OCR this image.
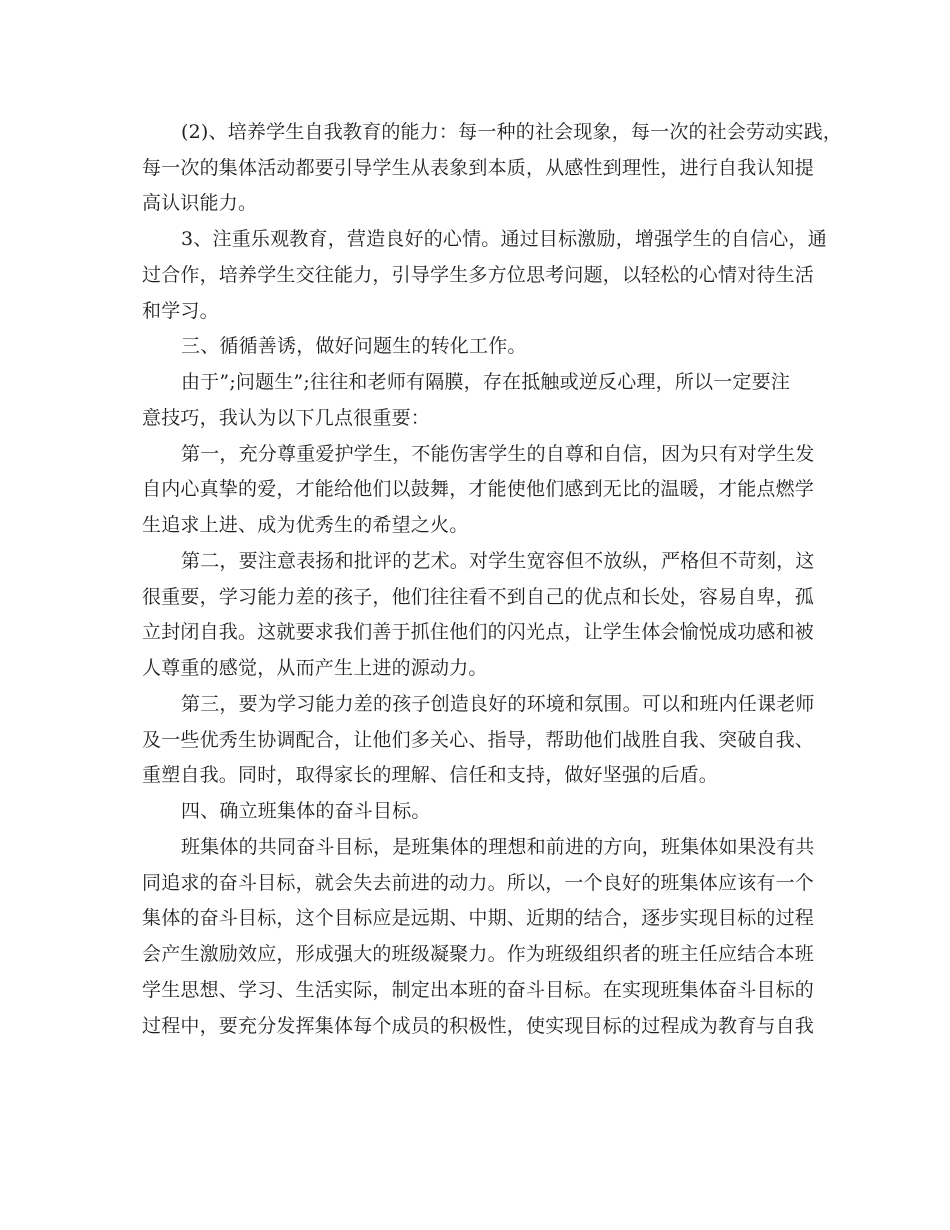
(2)、培养学生自我教育的能力：每一种的社会现象，每一次的社会劳动实践，
每一次的集体活动都要引导学生从表象到本质，从感性到理性，进行自我认知提
高认识能力。
3、注重乐观教育，营造良好的心情。通过目标激励，增强学生的自信心，通
过合作，培养学生交往能力，引导学生多方位思考问题，以轻松的心情对待生活
和学习。
三、循循善诱，做好问题生的转化工作。
由于”;问题生”;往往和老师有隔膜，存在抵触或逆反心理，所以一定要注
意技巧，我认为以下几点很重要：
第一，充分尊重爱护学生，不能伤害学生的自尊和自信，因为只有对学生发
自内心真挚的爱，才能给他们以鼓舞，才能使他们感到无比的温暖，才能点燃学
生追求上进、成为优秀生的希望之火。
第二，要注意表扬和批评的艺术。对学生宽容但不放纵，严格但不苛刻，这
很重要，学习能力差的孩子，他们往往看不到自己的优点和长处，容易自卑，孤
立封闭自我。这就要求我们善于抓住他们的闪光点，让学生体会愉悦成功感和被
人尊重的感觉，从而产生上进的源动力。
第三，要为学习能力差的孩子创造良好的环境和氛围。可以和班内任课老师
及一些优秀生协调配合，让他们多关心、指导，帮助他们战胜自我、突破自我、
重塑自我。同时，取得家长的理解、信任和支持，做好坚强的后盾。
四、确立班集体的奋斗目标。
班集体的共同奋斗目标，是班集体的理想和前进的方向，班集体如果没有共
同追求的奋斗目标，就会失去前进的动力。所以，一个良好的班集体应该有一个
集体的奋斗目标，这个目标应是远期、中期、近期的结合，逐步实现目标的过程
会产生激励效应，形成强大的班级凝聚力。作为班级组织者的班主任应结合本班
学生思想、学习、生活实际，制定出本班的奋斗目标。在实现班集体奋斗目标的
过程中，要充分发挥集体每个成员的积极性，使实现目标的过程成为教育与自我
